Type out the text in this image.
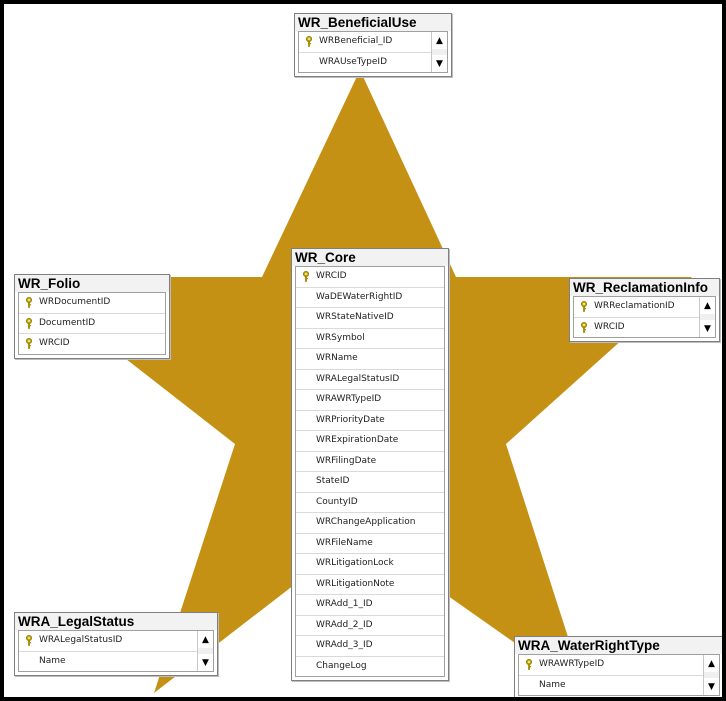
WR_BeneficialUse
WRBeneficial_ID
WRAUseTypeID
▲
▼
WR_Folio
WRDocumentID
DocumentID
WRCID
WR_Core
WRCID
WaDEWaterRightID
WRStateNativeID
WRSymbol
WRName
WRALegalStatusID
WRAWRTypeID
WRPriorityDate
WRExpirationDate
WRFilingDate
StateID
CountyID
WRChangeApplication
WRFileName
WRLitigationLock
WRLitigationNote
WRAdd_1_ID
WRAdd_2_ID
WRAdd_3_ID
ChangeLog
WR_ReclamationInfo
WRReclamationID
WRCID
▲
▼
WRA_LegalStatus
WRALegalStatusID
Name
▲
▼
WRA_WaterRightType
WRAWRTypeID
Name
▲
▼
